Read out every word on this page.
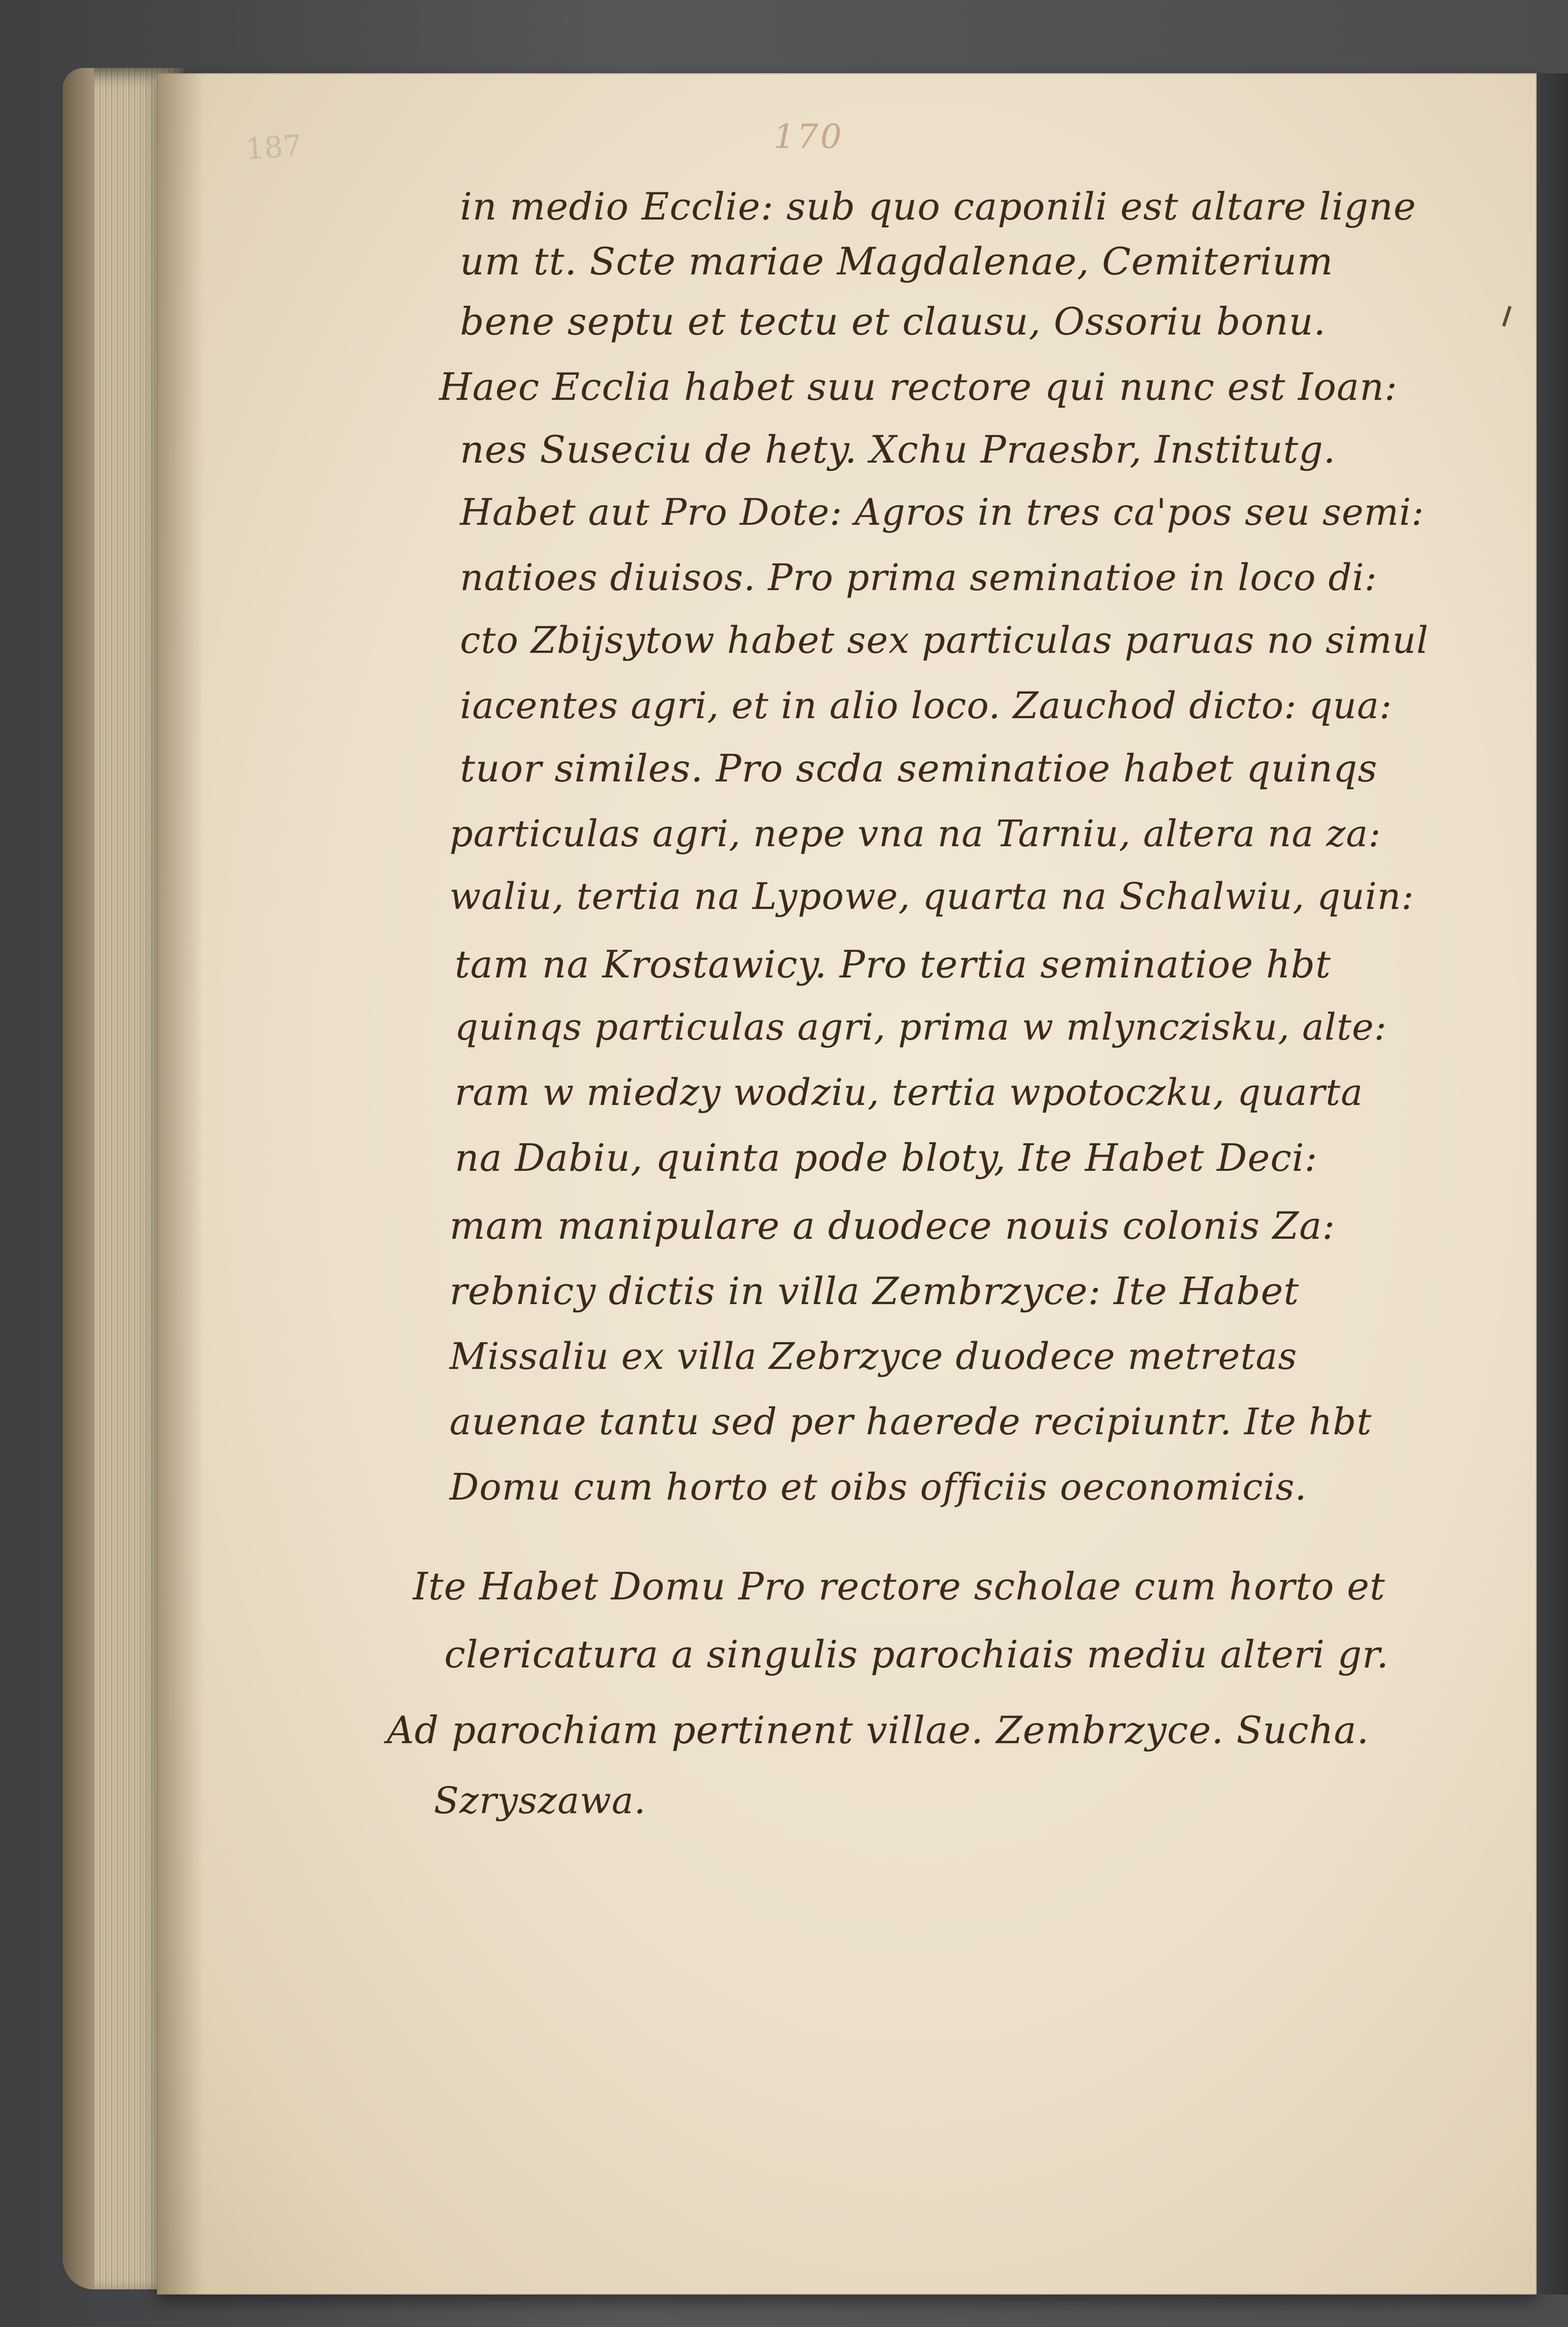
187	170
in medio Ecclie: sub quo caponili est altare ligne
um tt. Scte mariae Magdalenae, Cemiterium
bene septu et tectu et clausu, Ossoriu bonu.
Haec Ecclia habet suu rectore qui nunc est Ioan:
nes Suseciu de hety. Xchu Praesbr, Institutg.
Habet aut Pro Dote: Agros in tres ca'pos seu semi:
natioes diuisos. Pro prima seminatioe in loco di:
cto Zbijsytow habet sex particulas paruas no simul
iacentes agri, et in alio loco. Zauchod dicto: qua:
tuor similes. Pro scda seminatioe habet quinqs
particulas agri, nepe vna na Tarniu, altera na za:
waliu, tertia na Lypowe, quarta na Schalwiu, quin:
tam na Krostawicy. Pro tertia seminatioe hbt
quinqs particulas agri, prima w mlynczisku, alte:
ram w miedzy wodziu, tertia wpotoczku, quarta
na Dabiu, quinta pode bloty, Ite Habet Deci:
mam manipulare a duodece nouis colonis Za:
rebnicy dictis in villa Zembrzyce: Ite Habet
Missaliu ex villa Zebrzyce duodece metretas
auenae tantu sed per haerede recipiuntr. Ite hbt
Domu cum horto et oibs officiis oeconomicis.
Ite Habet Domu Pro rectore scholae cum horto et
clericatura a singulis parochiais mediu alteri gr.
Ad parochiam pertinent villae. Zembrzyce. Sucha.
Szryszawa.
